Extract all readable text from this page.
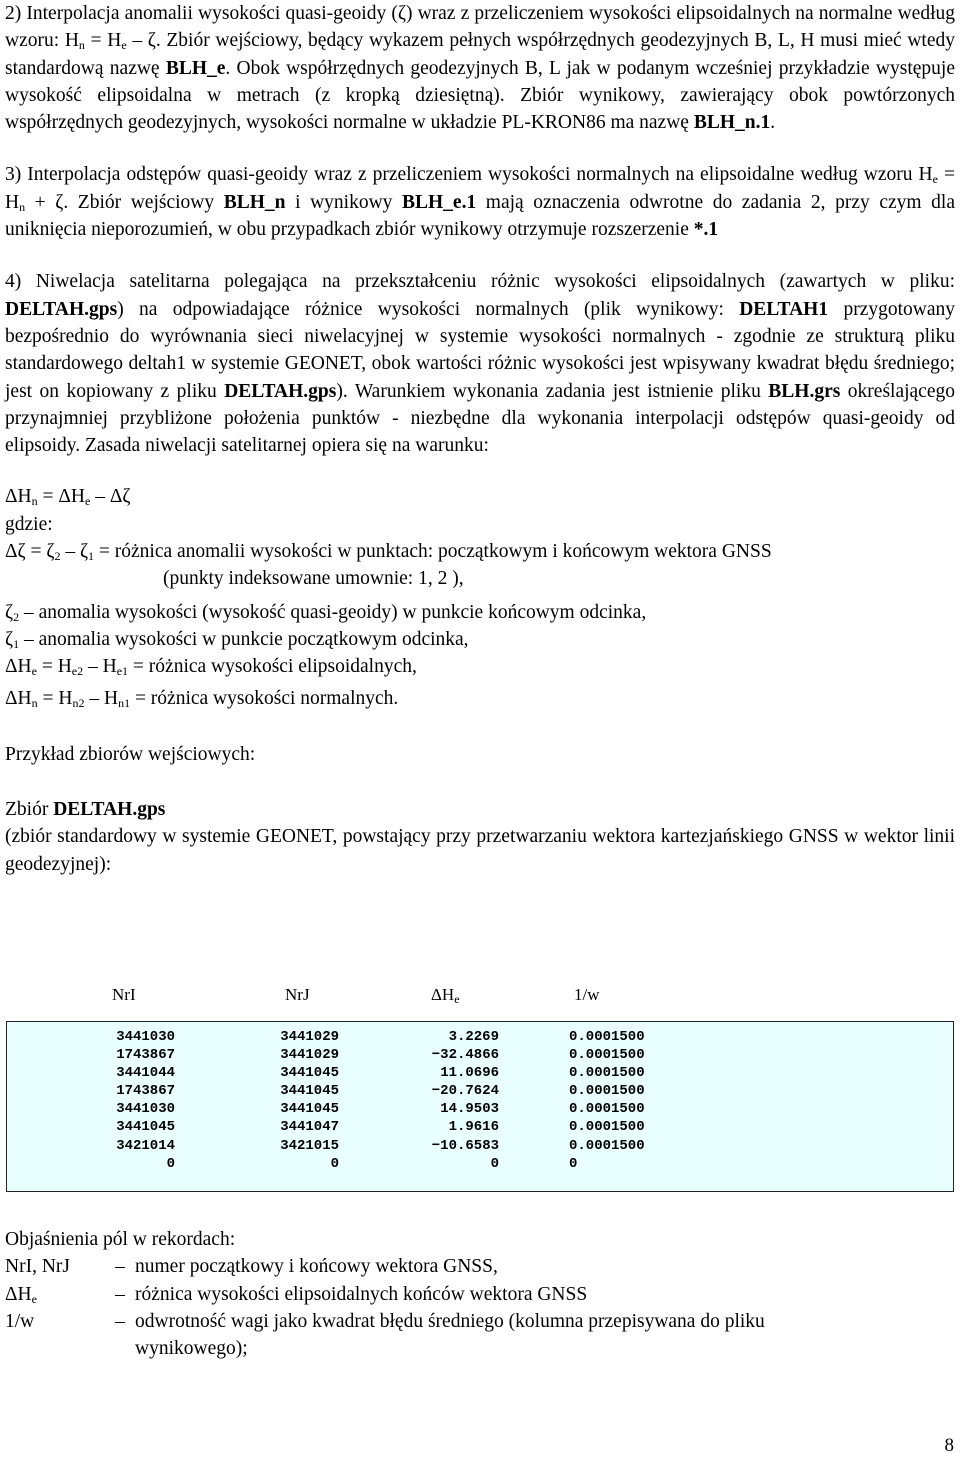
2) Interpolacja anomalii wysokości quasi-geoidy (ζ) wraz z przeliczeniem wysokości elipsoidalnych na normalne według wzoru: $H_n = H_e - \zeta$. Zbiór wejściowy, będący wykazem pełnych współrzędnych geodezyjnych B, L, H musi mieć wtedy standardową nazwę BLH_e. Obok współrzędnych geodezyjnych B, L jak w podanym wcześniej przykładzie występuje wysokość elipsoidalna w metrach (z kropką dziesiętną). Zbiór wynikowy, zawierający obok powtórzonych współrzędnych geodezyjnych, wysokości normalne w układzie PL-KRON86 ma nazwę BLH_n.1.

3) Interpolacja odstępów quasi-geoidy wraz z przeliczeniem wysokości normalnych na elipsoidalne według wzoru $H_e = H_n + \zeta$. Zbiór wejściowy BLH_n i wynikowy BLH_e.1 mają oznaczenia odwrotne do zadania 2, przy czym dla uniknięcia nieporozumień, w obu przypadkach zbiór wynikowy otrzymuje rozszerzenie *.1

4) Niwelacja satelitarna polegająca na przekształceniu różnic wysokości elipsoidalnych (zawartych w pliku: DELTAH.gps) na odpowiadające różnice wysokości normalnych (plik wynikowy: DELTAH1 przygotowany bezpośrednio do wyrównania sieci niwelacyjnej w systemie wysokości normalnych - zgodnie ze strukturą pliku standardowego deltah1 w systemie GEONET, obok wartości różnic wysokości jest wpisywany kwadrat błędu średniego; jest on kopiowany z pliku DELTAH.gps). Warunkiem wykonania zadania jest istnienie pliku BLH.grs określającego przynajmniej przybliżone położenia punktów - niezbędne dla wykonania interpolacji odstępów quasi-geoidy od elipsoidy. Zasada niwelacji satelitarnej opiera się na warunku:

$\Delta H_n = \Delta H_e - \Delta\zeta$

gdzie:

$\Delta\zeta = \zeta_2 - \zeta_1$ = różnica anomalii wysokości w punktach: początkowym i końcowym wektora GNSS

(punkty indeksowane umownie: 1, 2 ),

$\zeta_2$ – anomalia wysokości (wysokość quasi-geoidy) w punkcie końcowym odcinka,

$\zeta_1$ – anomalia wysokości w punkcie początkowym odcinka,

$\Delta H_e = H_{e2} - H_{e1}$ = różnica wysokości elipsoidalnych,

$\Delta H_n = H_{n2} - H_{n1}$ = różnica wysokości normalnych.

Przykład zbiorów wejściowych:

Zbiór DELTAH.gps

(zbiór standardowy w systemie GEONET, powstający przy przetwarzaniu wektora kartezjańskiego GNSS w wektor linii geodezyjnej):

NrI	NrJ	$\Delta H_e$	1/w
3441030	3441029	3.2269	0.0001500
1743867	3441029	−32.4866	0.0001500
3441044	3441045	11.0696	0.0001500
1743867	3441045	−20.7624	0.0001500
3441030	3441045	14.9503	0.0001500
3441045	3441047	1.9616	0.0001500
3421014	3421015	−10.6583	0.0001500
0	0	0	0

Objaśnienia pól w rekordach:

NrI, NrJ – numer początkowy i końcowy wektora GNSS,

$\Delta H_e$	– różnica wysokości elipsoidalnych końców wektora GNSS

1/w	– odwrotność wagi jako kwadrat błędu średniego (kolumna przepisywana do pliku

wynikowego);

8
